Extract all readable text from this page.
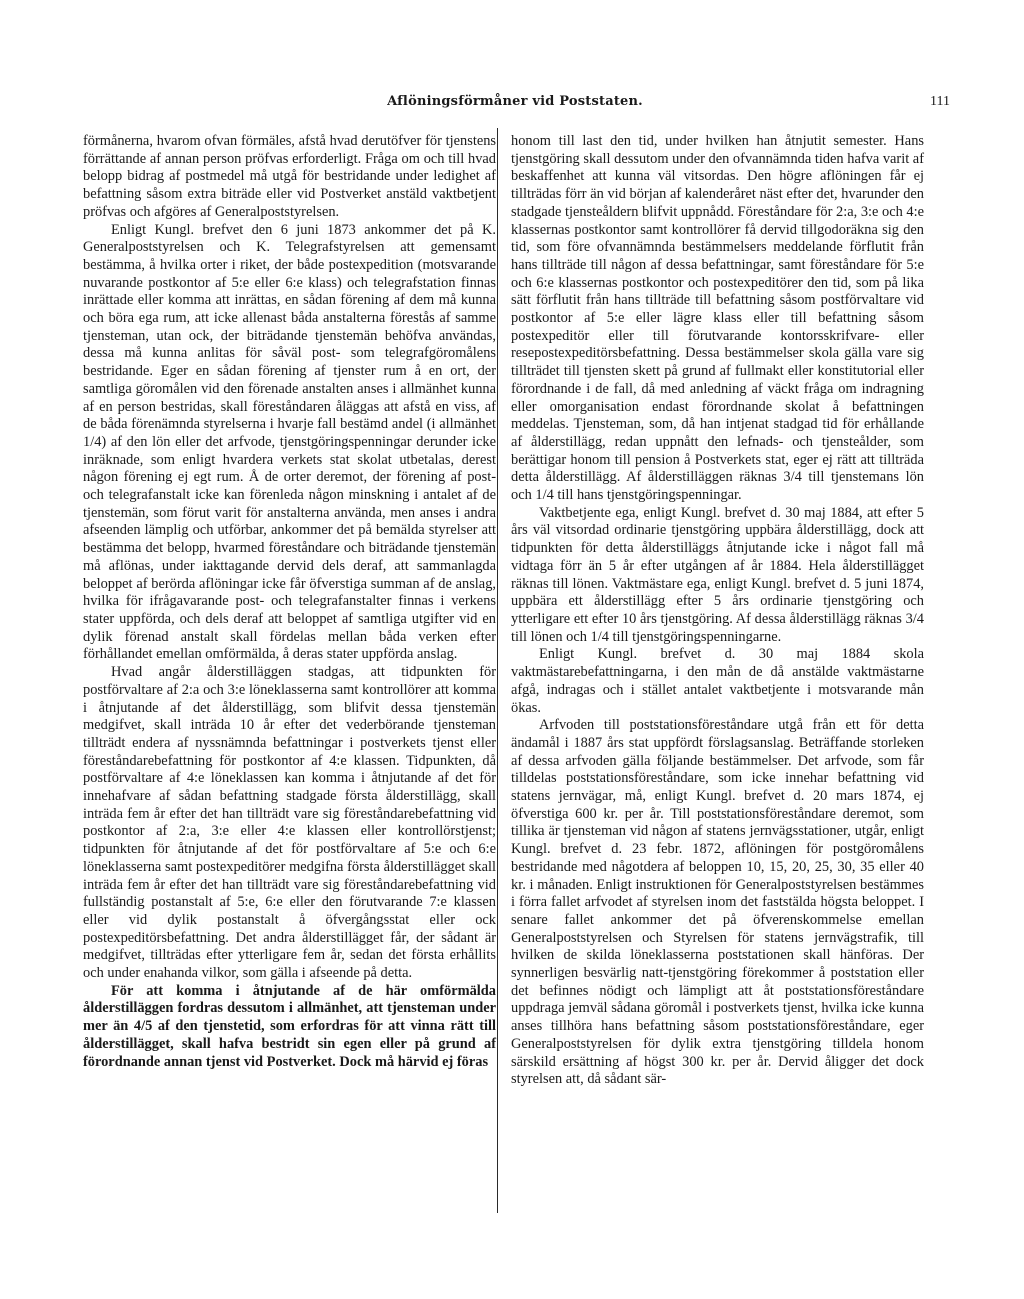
Aflöningsförmåner vid Poststaten.	111

förmånerna, hvarom ofvan förmäles, afstå hvad derutöfver för tjenstens förrättande af annan person pröfvas erforderligt. Fråga om och till hvad belopp bidrag af postmedel må utgå för bestridande under ledighet af befattning såsom extra biträde eller vid Postverket anstäld vaktbetjent pröfvas och afgöres af Generalpoststyrelsen.

Enligt Kungl. brefvet den 6 juni 1873 ankommer det på K. Generalpoststyrelsen och K. Telegrafstyrelsen att gemensamt bestämma, å hvilka orter i riket, der både postexpedition (motsvarande nuvarande postkontor af 5:e eller 6:e klass) och telegrafstation finnas inrättade eller komma att inrättas, en sådan förening af dem må kunna och böra ega rum, att icke allenast båda anstalterna förestås af samme tjensteman, utan ock, der biträdande tjenstemän behöfva användas, dessa må kunna anlitas för såväl post- som telegrafgöromålens bestridande. Eger en sådan förening af tjenster rum å en ort, der samtliga göromålen vid den förenade anstalten anses i allmänhet kunna af en person bestridas, skall föreståndaren åläggas att afstå en viss, af de båda förenämnda styrelserna i hvarje fall bestämd andel (i allmänhet 1/4) af den lön eller det arfvode, tjenstgöringspenningar derunder icke inräknade, som enligt hvardera verkets stat skolat utbetalas, derest någon förening ej egt rum. Å de orter deremot, der förening af post- och telegrafanstalt icke kan förenleda någon minskning i antalet af de tjenstemän, som förut varit för anstalterna använda, men anses i andra afseenden lämplig och utförbar, ankommer det på bemälda styrelser att bestämma det belopp, hvarmed föreståndare och biträdande tjenstemän må aflönas, under iakttagande dervid dels deraf, att sammanlagda beloppet af berörda aflöningar icke får öfverstiga summan af de anslag, hvilka för ifrågavarande post- och telegrafanstalter finnas i verkens stater uppförda, och dels deraf att beloppet af samtliga utgifter vid en dylik förenad anstalt skall fördelas mellan båda verken efter förhållandet emellan omförmälda, å deras stater uppförda anslag.

Hvad angår ålderstilläggen stadgas, att tidpunkten för postförvaltare af 2:a och 3:e löneklasserna samt kontrollörer att komma i åtnjutande af det ålderstillägg, som blifvit dessa tjenstemän medgifvet, skall inträda 10 år efter det vederbörande tjensteman tillträdt endera af nyssnämnda befattningar i postverkets tjenst eller föreståndarebefattning för postkontor af 4:e klassen. Tidpunkten, då postförvaltare af 4:e löneklassen kan komma i åtnjutande af det för innehafvare af sådan befattning stadgade första ålderstillägg, skall inträda fem år efter det han tillträdt vare sig föreståndarebefattning vid postkontor af 2:a, 3:e eller 4:e klassen eller kontrollörstjenst; tidpunkten för åtnjutande af det för postförvaltare af 5:e och 6:e löneklasserna samt postexpeditörer medgifna första ålderstillägget skall inträda fem år efter det han tillträdt vare sig föreståndarebefattning vid fullständig postanstalt af 5:e, 6:e eller den förutvarande 7:e klassen eller vid dylik postanstalt å öfvergångsstat eller ock postexpeditörsbefattning. Det andra ålderstillägget får, der sådant är medgifvet, tillträdas efter ytterligare fem år, sedan det första erhållits och under enahanda vilkor, som gälla i afseende på detta.

För att komma i åtnjutande af de här omförmälda ålderstilläggen fordras dessutom i allmänhet, att tjensteman under mer än 4/5 af den tjenstetid, som erfordras för att vinna rätt till ålderstillägget, skall hafva bestridt sin egen eller på grund af förordnande annan tjenst vid Postverket. Dock må härvid ej föras

honom till last den tid, under hvilken han åtnjutit semester. Hans tjenstgöring skall dessutom under den ofvannämnda tiden hafva varit af beskaffenhet att kunna väl vitsordas. Den högre aflöningen får ej tillträdas förr än vid början af kalenderåret näst efter det, hvarunder den stadgade tjensteåldern blifvit uppnådd. Föreståndare för 2:a, 3:e och 4:e klassernas postkontor samt kontrollörer få dervid tillgodoräkna sig den tid, som före ofvannämnda bestämmelsers meddelande förflutit från hans tillträde till någon af dessa befattningar, samt föreståndare för 5:e och 6:e klassernas postkontor och postexpeditörer den tid, som på lika sätt förflutit från hans tillträde till befattning såsom postförvaltare vid postkontor af 5:e eller lägre klass eller till befattning såsom postexpeditör eller till förutvarande kontorsskrifvare- eller resepostexpeditörsbefattning. Dessa bestämmelser skola gälla vare sig tillträdet till tjensten skett på grund af fullmakt eller konstitutorial eller förordnande i de fall, då med anledning af väckt fråga om indragning eller omorganisation endast förordnande skolat å befattningen meddelas. Tjensteman, som, då han intjenat stadgad tid för erhållande af ålderstillägg, redan uppnått den lefnads- och tjensteålder, som berättigar honom till pension å Postverkets stat, eger ej rätt att tillträda detta ålderstillägg. Af ålderstilläggen räknas 3/4 till tjenstemans lön och 1/4 till hans tjenstgöringspenningar.

Vaktbetjente ega, enligt Kungl. brefvet d. 30 maj 1884, att efter 5 års väl vitsordad ordinarie tjenstgöring uppbära ålderstillägg, dock att tidpunkten för detta ålderstilläggs åtnjutande icke i något fall må vidtaga förr än 5 år efter utgången af år 1884. Hela ålderstillägget räknas till lönen. Vaktmästare ega, enligt Kungl. brefvet d. 5 juni 1874, uppbära ett ålderstillägg efter 5 års ordinarie tjenstgöring och ytterligare ett efter 10 års tjenstgöring. Af dessa ålderstillägg räknas 3/4 till lönen och 1/4 till tjenstgöringspenningarne.

Enligt Kungl. brefvet d. 30 maj 1884 skola vaktmästarebefattningarna, i den mån de då anstälde vaktmästarne afgå, indragas och i stället antalet vaktbetjente i motsvarande mån ökas.

Arfvoden till poststationsföreståndare utgå från ett för detta ändamål i 1887 års stat uppfördt förslagsanslag. Beträffande storleken af dessa arfvoden gälla följande bestämmelser. Det arfvode, som får tilldelas poststationsföreståndare, som icke innehar befattning vid statens jernvägar, må, enligt Kungl. brefvet d. 20 mars 1874, ej öfverstiga 600 kr. per år. Till poststationsföreståndare deremot, som tillika är tjensteman vid någon af statens jernvägsstationer, utgår, enligt Kungl. brefvet d. 23 febr. 1872, aflöningen för postgöromålens bestridande med någotdera af beloppen 10, 15, 20, 25, 30, 35 eller 40 kr. i månaden. Enligt instruktionen för Generalpoststyrelsen bestämmes i förra fallet arfvodet af styrelsen inom det faststälda högsta beloppet. I senare fallet ankommer det på öfverenskommelse emellan Generalpoststyrelsen och Styrelsen för statens jernvägstrafik, till hvilken de skilda löneklasserna poststationen skall hänföras. Der synnerligen besvärlig natt-tjenstgöring förekommer å poststation eller det befinnes nödigt och lämpligt att åt poststationsföreståndare uppdraga jemväl sådana göromål i postverkets tjenst, hvilka icke kunna anses tillhöra hans befattning såsom poststationsföreståndare, eger Generalpoststyrelsen för dylik extra tjenstgöring tilldela honom särskild ersättning af högst 300 kr. per år. Dervid åligger det dock styrelsen att, då sådant sär-
